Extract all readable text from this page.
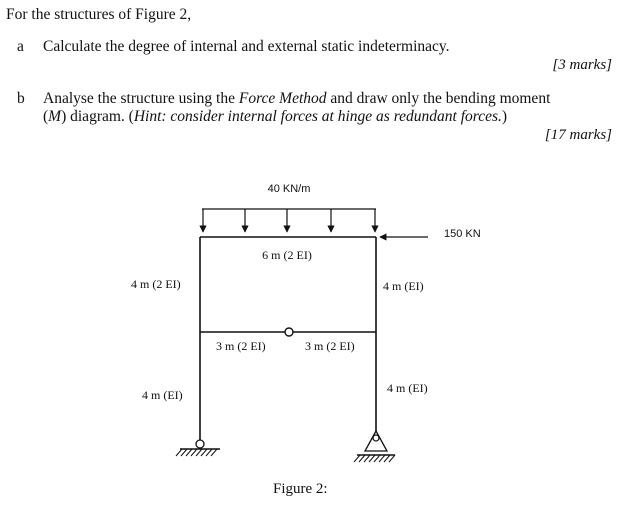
For the structures of Figure 2,
a Calculate the degree of internal and external static indeterminacy.
[3 marks]
b Analyse the structure using the Force Method and draw only the bending moment
(M) diagram. (Hint: consider internal forces at hinge as redundant forces.)
[17 marks]
40 KN/m
150 KN
6 m (2 EI)
4 m (2 EI)	4 m (EI)
3 m (2 EI)	3 m (2 EI)
4 m (EI)	4 m (EI)
Figure 2:
